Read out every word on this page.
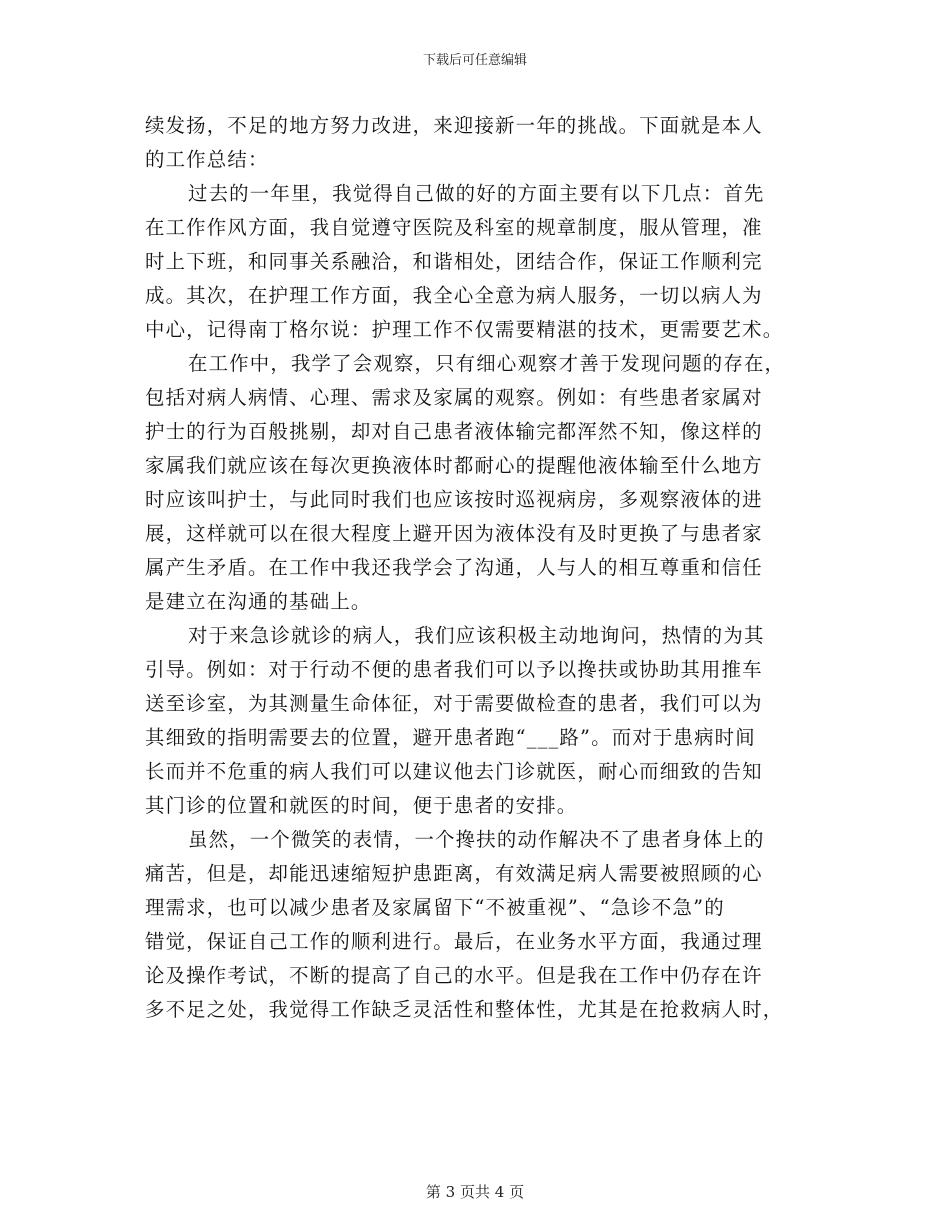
下载后可任意编辑
续发扬，不足的地方努力改进，来迎接新一年的挑战。下面就是本人
的工作总结：
过去的一年里，我觉得自己做的好的方面主要有以下几点：首先
在工作作风方面，我自觉遵守医院及科室的规章制度，服从管理，准
时上下班，和同事关系融洽，和谐相处，团结合作，保证工作顺利完
成。其次，在护理工作方面，我全心全意为病人服务，一切以病人为
中心，记得南丁格尔说：护理工作不仅需要精湛的技术，更需要艺术。
在工作中，我学了会观察，只有细心观察才善于发现问题的存在，
包括对病人病情、心理、需求及家属的观察。例如：有些患者家属对
护士的行为百般挑剔，却对自己患者液体输完都浑然不知，像这样的
家属我们就应该在每次更换液体时都耐心的提醒他液体输至什么地方
时应该叫护士，与此同时我们也应该按时巡视病房，多观察液体的进
展，这样就可以在很大程度上避开因为液体没有及时更换了与患者家
属产生矛盾。在工作中我还我学会了沟通，人与人的相互尊重和信任
是建立在沟通的基础上。
对于来急诊就诊的病人，我们应该积极主动地询问，热情的为其
引导。例如：对于行动不便的患者我们可以予以搀扶或协助其用推车
送至诊室，为其测量生命体征，对于需要做检查的患者，我们可以为
其细致的指明需要去的位置，避开患者跑“___路”。而对于患病时间
长而并不危重的病人我们可以建议他去门诊就医，耐心而细致的告知
其门诊的位置和就医的时间，便于患者的安排。
虽然，一个微笑的表情，一个搀扶的动作解决不了患者身体上的
痛苦，但是，却能迅速缩短护患距离，有效满足病人需要被照顾的心
理需求，也可以减少患者及家属留下“不被重视”、“急诊不急”的
错觉，保证自己工作的顺利进行。最后，在业务水平方面，我通过理
论及操作考试，不断的提高了自己的水平。但是我在工作中仍存在许
多不足之处，我觉得工作缺乏灵活性和整体性，尤其是在抢救病人时，
第 3 页共 4 页
